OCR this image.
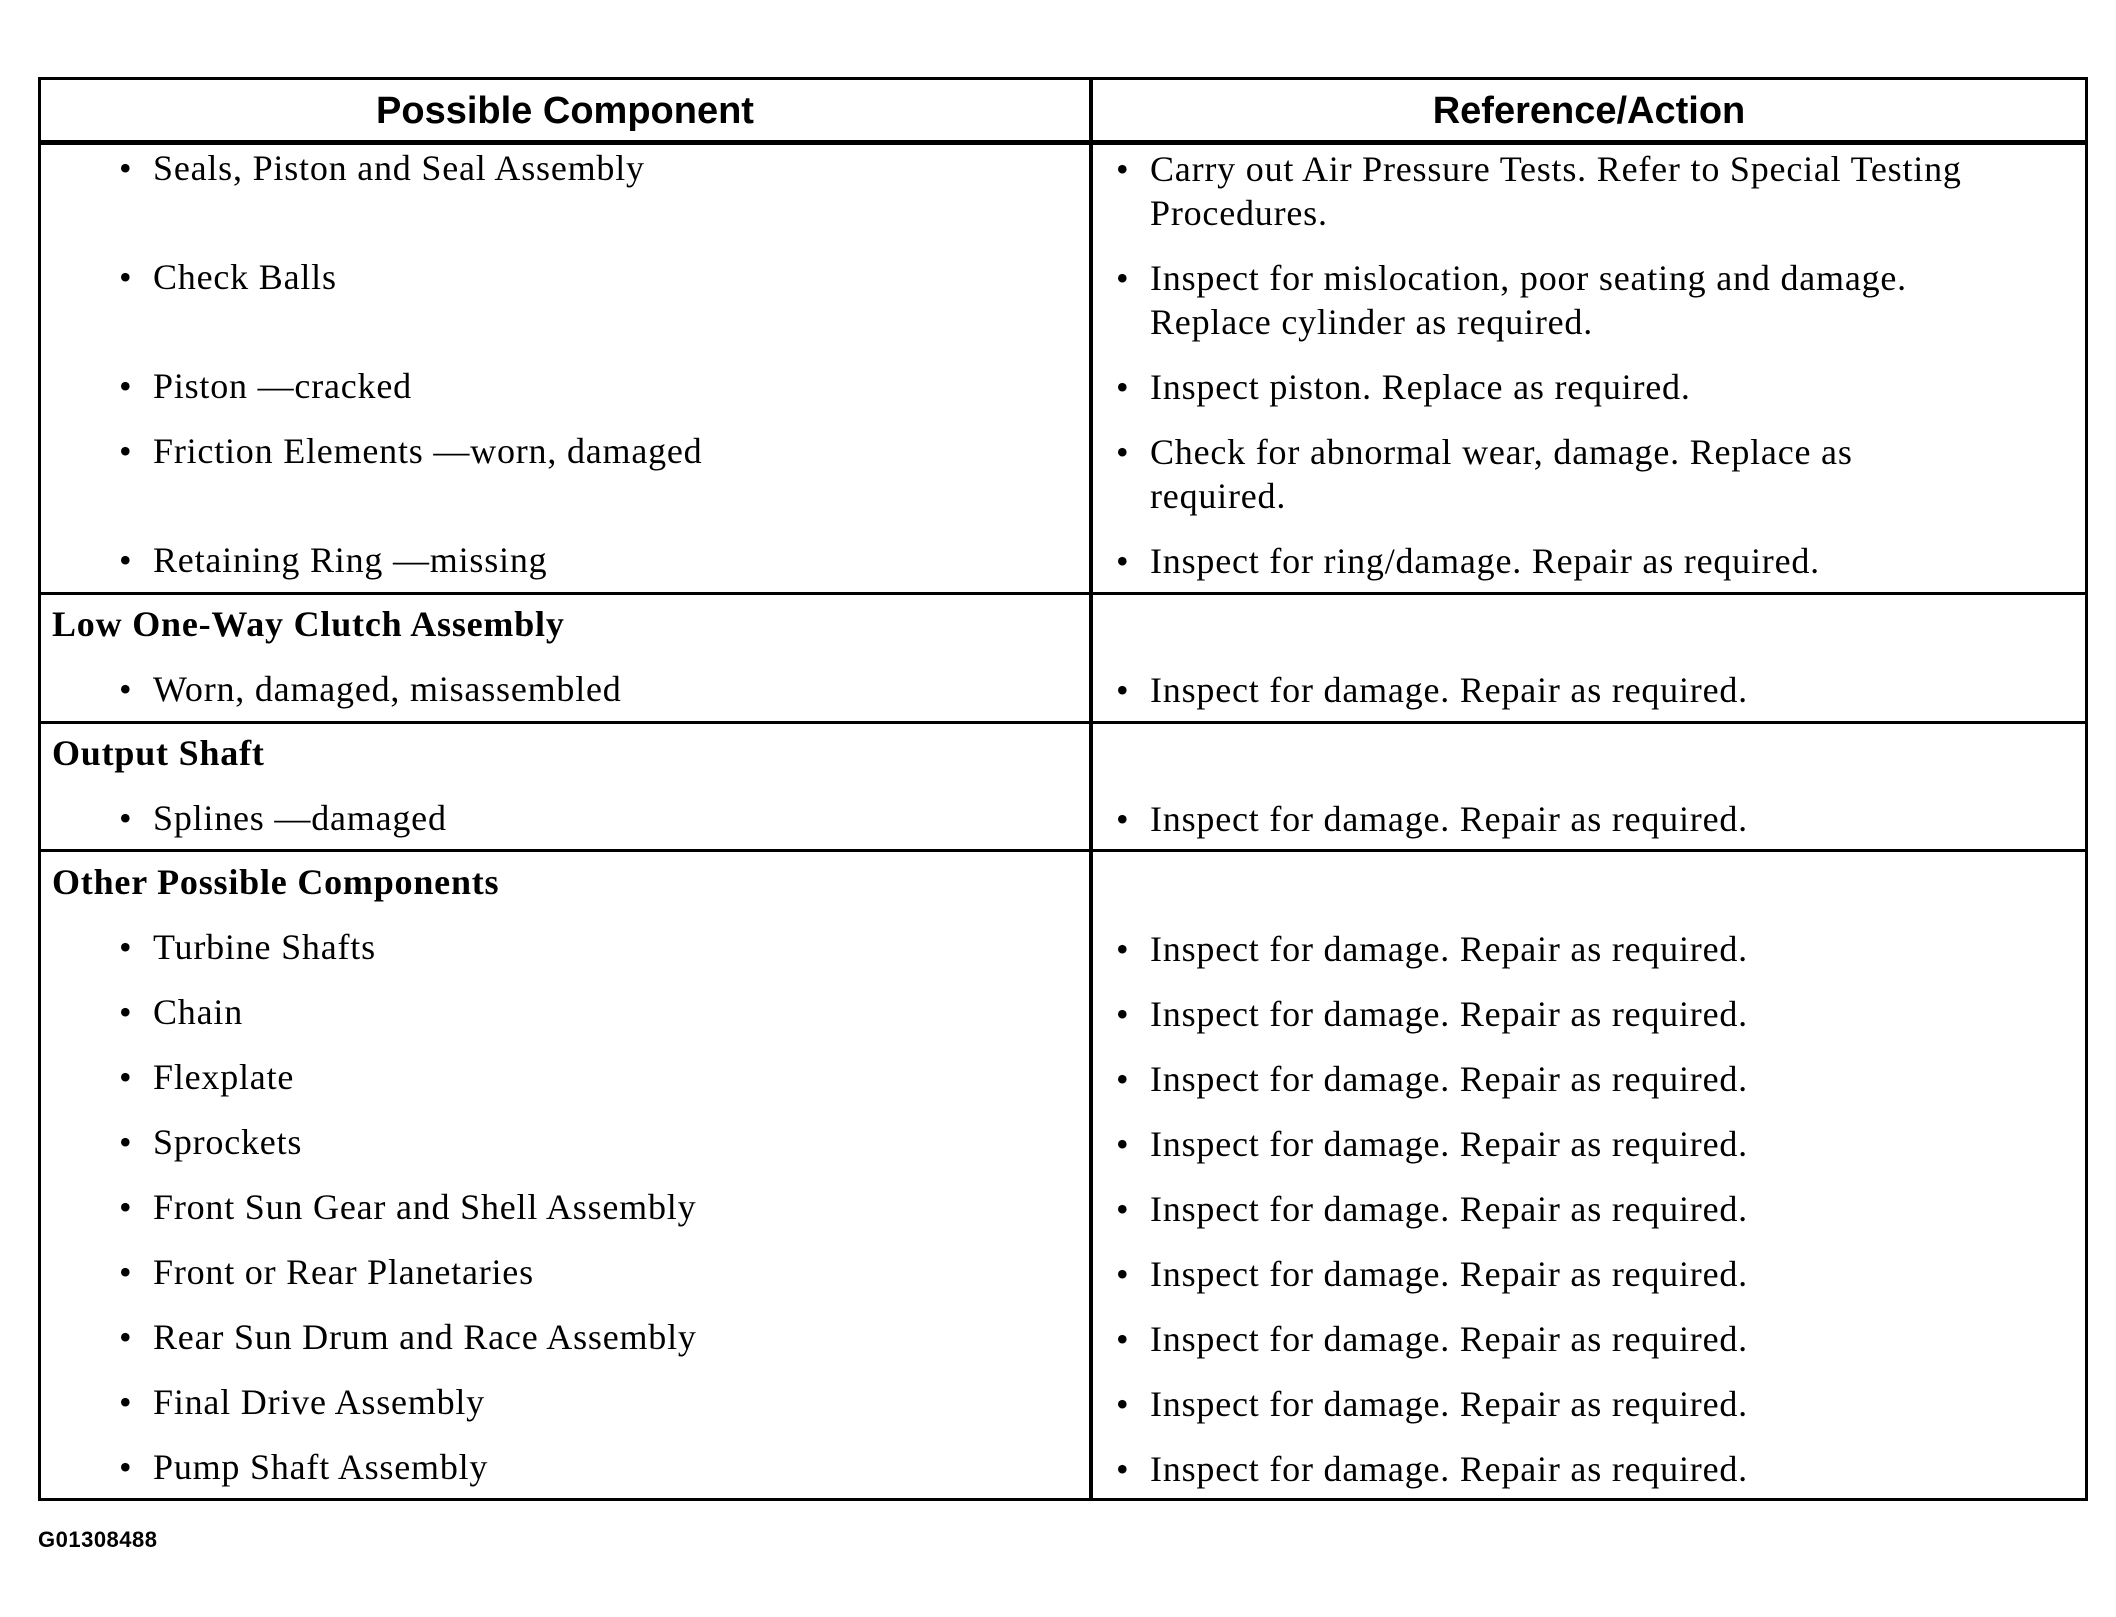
Possible Component	Reference/Action
• Seals, Piston and Seal Assembly	• Carry out Air Pressure Tests. Refer to Special Testing
Procedures.
• Check Balls	• Inspect for mislocation, poor seating and damage.
Replace cylinder as required.
• Piston —cracked	• Inspect piston. Replace as required.
• Friction Elements —worn, damaged	• Check for abnormal wear, damage. Replace as
required.
• Retaining Ring —missing	• Inspect for ring/damage. Repair as required.
Low One-Way Clutch Assembly
• Worn, damaged, misassembled	• Inspect for damage. Repair as required.
Output Shaft
• Splines —damaged	• Inspect for damage. Repair as required.
Other Possible Components
• Turbine Shafts	• Inspect for damage. Repair as required.
• Chain	• Inspect for damage. Repair as required.
• Flexplate	• Inspect for damage. Repair as required.
• Sprockets	• Inspect for damage. Repair as required.
• Front Sun Gear and Shell Assembly	• Inspect for damage. Repair as required.
• Front or Rear Planetaries	• Inspect for damage. Repair as required.
• Rear Sun Drum and Race Assembly	• Inspect for damage. Repair as required.
• Final Drive Assembly	• Inspect for damage. Repair as required.
• Pump Shaft Assembly	• Inspect for damage. Repair as required.
G01308488
